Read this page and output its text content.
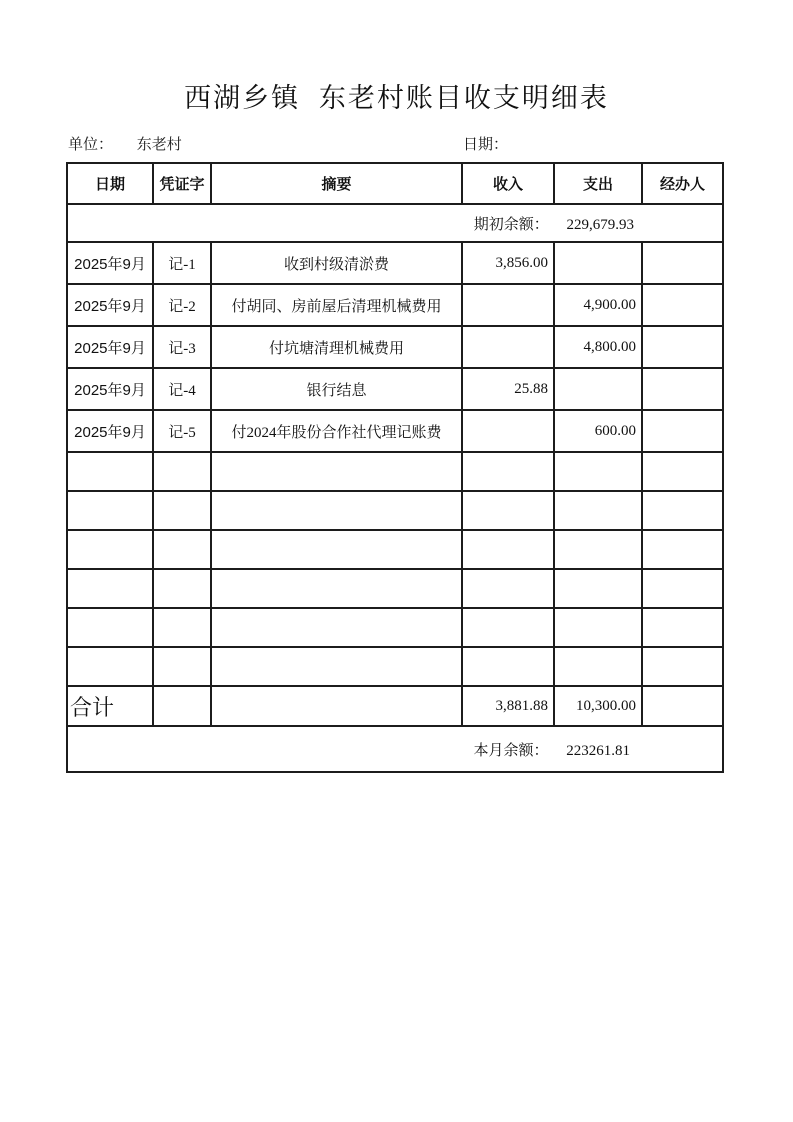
西湖乡镇 东老村账目收支明细表
单位： 东老村	日期：
日期	凭证字	摘要	收入	支出	经办人
期初余额： 229,679.93					
2025年9月	记-1	收到村级清淤费	3,856.00		
2025年9月	记-2	付胡同、房前屋后清理机械费用		4,900.00	
2025年9月	记-3	付坑塘清理机械费用		4,800.00	
2025年9月	记-4	银行结息	25.88		
2025年9月	记-5	付2024年股份合作社代理记账费		600.00	

合计			3,881.88	10,300.00	
本月余额： 223261.81					
